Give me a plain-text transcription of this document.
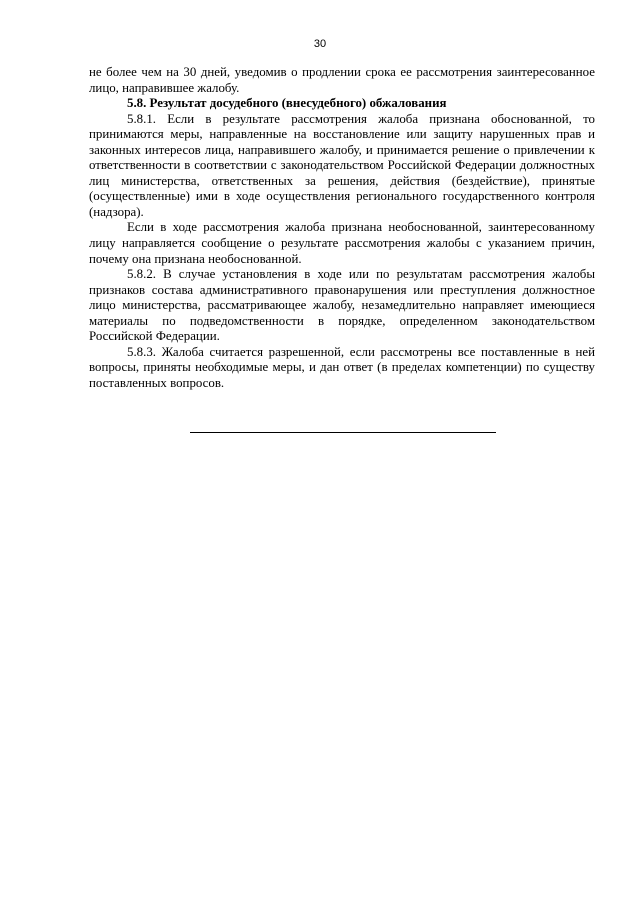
30

не более чем на 30 дней, уведомив о продлении срока ее рассмотрения заинтересованное лицо, направившее жалобу.

5.8. Результат досудебного (внесудебного) обжалования

5.8.1. Если в результате рассмотрения жалоба признана обоснованной, то принимаются меры, направленные на восстановление или защиту нарушенных прав и законных интересов лица, направившего жалобу, и принимается решение о привлечении к ответственности в соответствии с законодательством Российской Федерации должностных лиц министерства, ответственных за решения, действия (бездействие), принятые (осуществленные) ими в ходе осуществления регионального государственного контроля (надзора).

Если в ходе рассмотрения жалоба признана необоснованной, заинтересованному лицу направляется сообщение о результате рассмотрения жалобы с указанием причин, почему она признана необоснованной.

5.8.2. В случае установления в ходе или по результатам рассмотрения жалобы признаков состава административного правонарушения или преступления должностное лицо министерства, рассматривающее жалобу, незамедлительно направляет имеющиеся материалы по подведомственности в порядке, определенном законодательством Российской Федерации.

5.8.3. Жалоба считается разрешенной, если рассмотрены все поставленные в ней вопросы, приняты необходимые меры, и дан ответ (в пределах компетенции) по существу поставленных вопросов.
